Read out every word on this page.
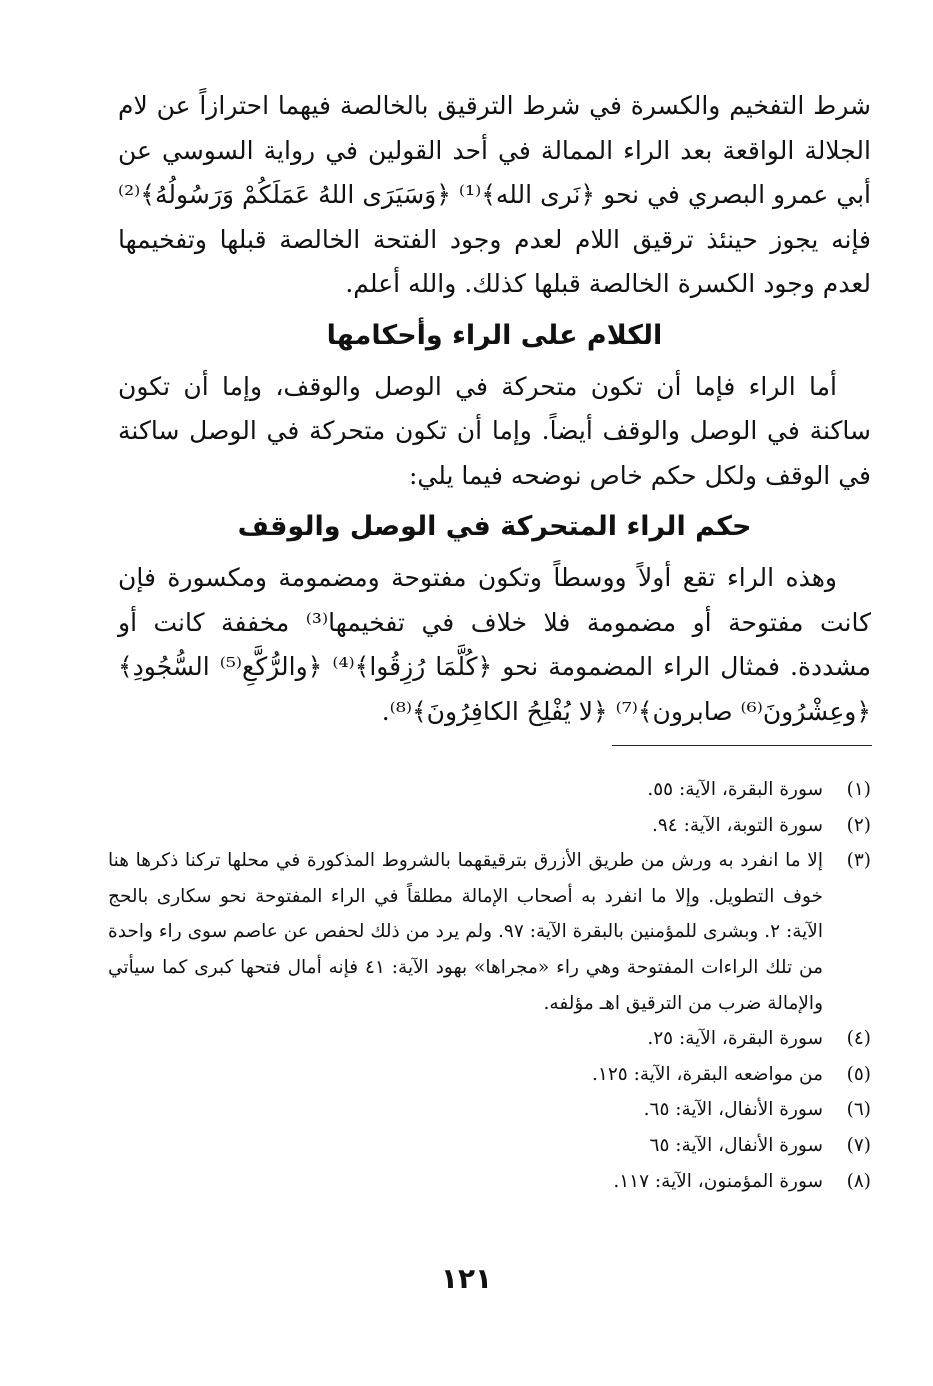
شرط التفخيم والكسرة في شرط الترقيق بالخالصة فيهما احترازاً عن لام الجلالة الواقعة بعد الراء الممالة في أحد القولين في رواية السوسي عن أبي عمرو البصري في نحو ﴿نَرى الله﴾⁽¹⁾ ﴿وَسَيَرَى اللهُ عَمَلَكُمْ وَرَسُولُهُ﴾⁽²⁾ فإنه يجوز حينئذ ترقيق اللام لعدم وجود الفتحة الخالصة قبلها وتفخيمها لعدم وجود الكسرة الخالصة قبلها كذلك. والله أعلم.

الكلام على الراء وأحكامها

أما الراء فإما أن تكون متحركة في الوصل والوقف، وإما أن تكون ساكنة في الوصل والوقف أيضاً. وإما أن تكون متحركة في الوصل ساكنة في الوقف ولكل حكم خاص نوضحه فيما يلي:

حكم الراء المتحركة في الوصل والوقف

وهذه الراء تقع أولاً ووسطاً وتكون مفتوحة ومضمومة ومكسورة فإن كانت مفتوحة أو مضمومة فلا خلاف في تفخيمها⁽³⁾ مخففة كانت أو مشددة. فمثال الراء المضمومة نحو ﴿كُلَّمَا رُزِقُوا﴾⁽⁴⁾ ﴿والرُّكَّعِ⁽⁵⁾ السُّجُودِ﴾ ﴿وعِشْرُونَ⁽⁶⁾ صابرون﴾⁽⁷⁾ ﴿لا يُفْلِحُ الكافِرُونَ﴾⁽⁸⁾.

(١)
سورة البقرة، الآية: ٥٥.
(٢)
سورة التوبة، الآية: ٩٤.
(٣)
إلا ما انفرد به ورش من طريق الأزرق بترقيقهما بالشروط المذكورة في محلها تركنا ذكرها هنا خوف التطويل. وإلا ما انفرد به أصحاب الإمالة مطلقاً في الراء المفتوحة نحو سكارى بالحج الآية: ٢. وبشرى للمؤمنين بالبقرة الآية: ٩٧. ولم يرد من ذلك لحفص عن عاصم سوى راء واحدة من تلك الراءات المفتوحة وهي راء «مجراها» بهود الآية: ٤١ فإنه أمال فتحها كبرى كما سيأتي والإمالة ضرب من الترقيق اهـ مؤلفه.
(٤)
سورة البقرة، الآية: ٢٥.
(٥)
من مواضعه البقرة، الآية: ١٢٥.
(٦)
سورة الأنفال، الآية: ٦٥.
(٧)
سورة الأنفال، الآية: ٦٥
(٨)
سورة المؤمنون، الآية: ١١٧.
١٢١
